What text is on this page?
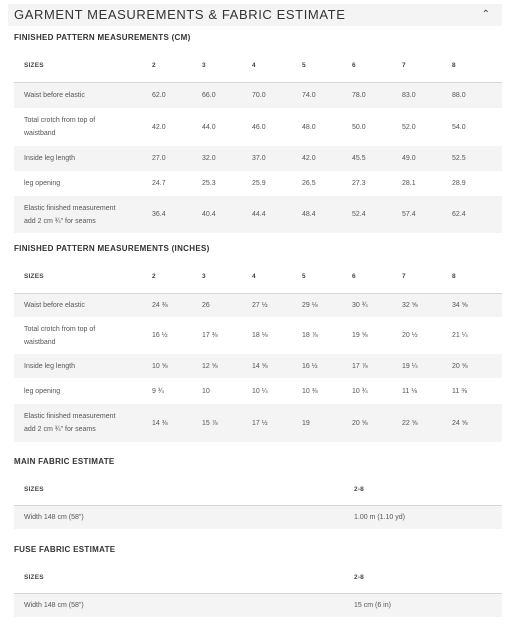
GARMENT MEASUREMENTS & FABRIC ESTIMATE	⌃
FINISHED PATTERN MEASUREMENTS (CM)
SIZES	2	3	4	5	6	7	8
Waist before elastic	62.0	66.0	70.0	74.0	78.0	83.0	88.0
Total crotch from top of
waistband	42.0	44.0	46.0	48.0	50.0	52.0	54.0
Inside leg length	27.0	32.0	37.0	42.0	45.5	49.0	52.5
leg opening	24.7	25.3	25.9	26.5	27.3	28.1	28.9
Elastic finished measurement
add 2 cm ¾" for seams	36.4	40.4	44.4	48.4	52.4	57.4	62.4
FINISHED PATTERN MEASUREMENTS (INCHES)
SIZES	2	3	4	5	6	7	8
Waist before elastic	24 ⅜	26	27 ½	29 ⅛	30 ¾	32 ⅝	34 ⅝
Total crotch from top of
waistband	16 ½	17 ⅜	18 ⅛	18 ⅞	19 ⅝	20 ½	21 ¼
Inside leg length	10 ⅝	12 ⅝	14 ⅝	16 ½	17 ⅞	19 ¼	20 ⅝
leg opening	9 ¾	10	10 ¼	10 ⅜	10 ¾	11 ⅛	11 ⅜
Elastic finished measurement
add 2 cm ¾" for seams	14 ⅜	15 ⅞	17 ½	19	20 ⅝	22 ⅝	24 ⅝
MAIN FABRIC ESTIMATE
SIZES	2-8
Width 148 cm (58")	1.00 m (1.10 yd)
FUSE FABRIC ESTIMATE
SIZES	2-8
Width 148 cm (58")	15 cm (6 in)
